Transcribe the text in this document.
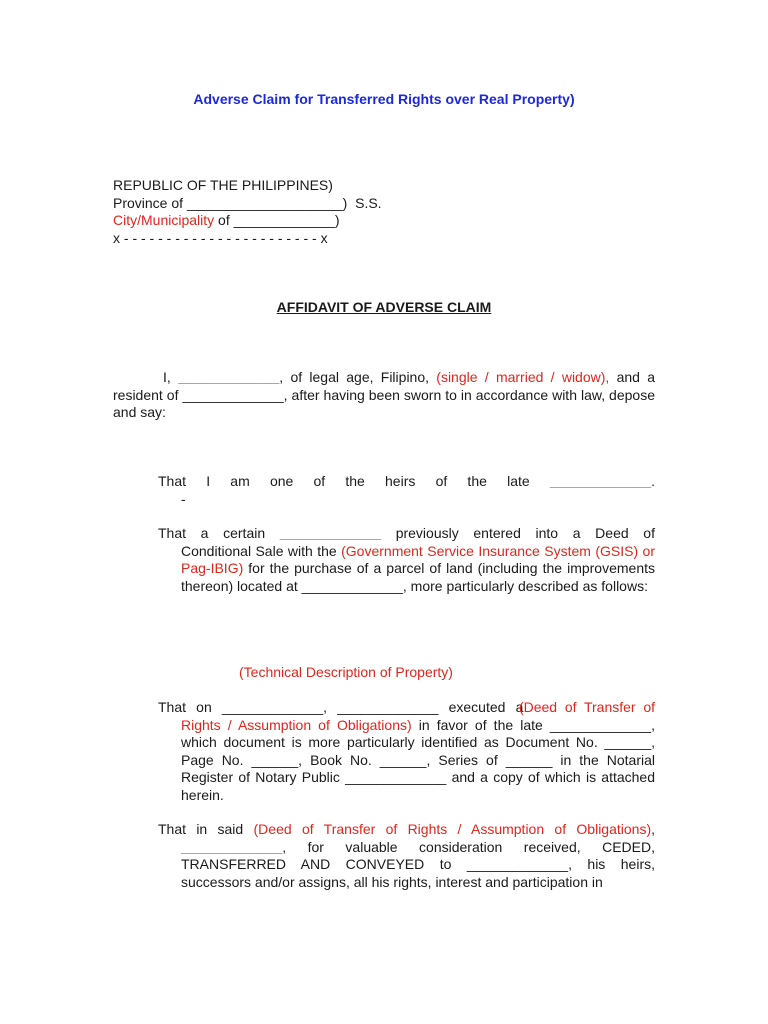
Adverse Claim for Transferred Rights over Real Property)
REPUBLIC OF THE PHILIPPINES)
Province of ____________________)  S.S.
City/Municipality of _____________)
x - - - - - - - - - - - - - - - - - - - - - - - x
AFFIDAVIT OF ADVERSE CLAIM
I, _____________, of legal age, Filipino, (single / married / widow), and a resident of _____________, after having been sworn to in accordance with law, depose and say:
That I am one of the heirs of the late _____________.
-
That a certain _____________ previously entered into a Deed of
Conditional Sale with the (Government Service Insurance System (GSIS) or Pag-IBIG) for the purchase of a parcel of land (including the improvements thereon) located at _____________, more particularly described as follows:
(Technical Description of Property)
That on _____________, _____________ executed a
(Deed of Transfer of Rights / Assumption of Obligations) in favor of the late _____________, which document is more particularly identified as Document No. ______, Page No. ______, Book No. ______, Series of ______ in the Notarial Register of Notary Public _____________ and a copy of which is attached herein.
That in said (Deed of Transfer of Rights / Assumption of Obligations),
_____________, for valuable consideration received, CEDED, TRANSFERRED AND CONVEYED to _____________, his heirs, successors and/or assigns, all his rights, interest and participation in
